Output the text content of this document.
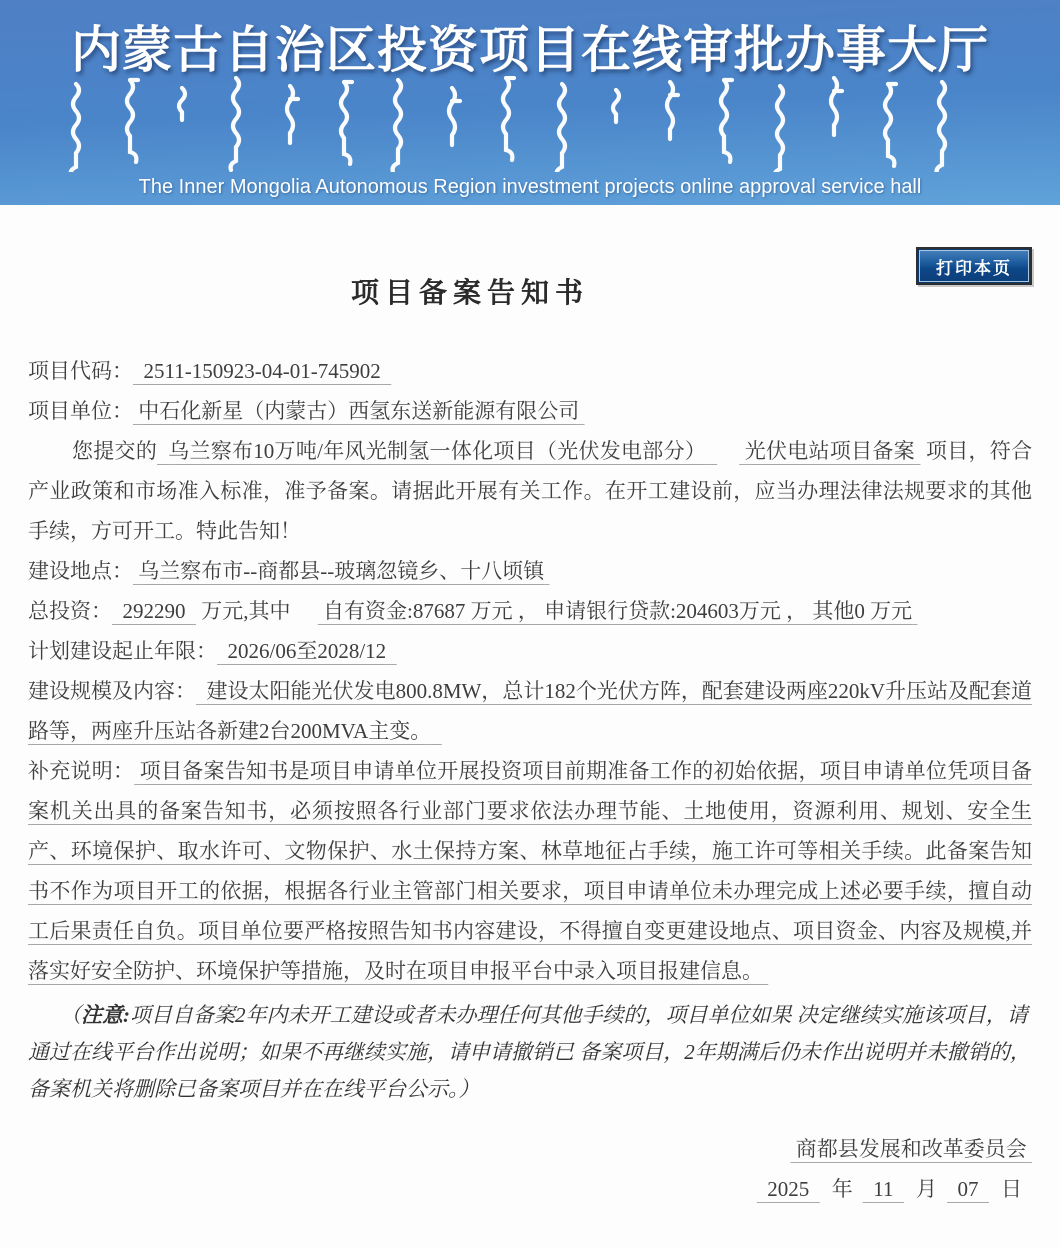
内蒙古自治区投资项目在线审批办事大厅
The Inner Mongolia Autonomous Region investment projects online approval service hall
打印本页
项目备案告知书

项目代码： 2511-150923-04-01-745902

项目单位： 中石化新星（内蒙古）西氢东送新能源有限公司

您提交的 乌兰察布10万吨/年风光制氢一体化项目（光伏发电部分） 光伏电站项目备案 项目，符合产业政策和市场准入标准，准予备案。请据此开展有关工作。在开工建设前，应当办理法律法规要求的其他手续，方可开工。特此告知！

建设地点： 乌兰察布市--商都县--玻璃忽镜乡、十八顷镇

总投资： 292290 万元,其中 自有资金:87687 万元 ， 申请银行贷款:204603万元 ， 其他0 万元

计划建设起止年限： 2026/06至2028/12

建设规模及内容： 建设太阳能光伏发电800.8MW，总计182个光伏方阵，配套建设两座220kV升压站及配套道路等，两座升压站各新建2台200MVA主变。

补充说明： 项目备案告知书是项目申请单位开展投资项目前期准备工作的初始依据，项目申请单位凭项目备案机关出具的备案告知书，必须按照各行业部门要求依法办理节能、土地使用，资源利用、规划、安全生产、环境保护、取水许可、文物保护、水土保持方案、林草地征占手续，施工许可等相关手续。此备案告知书不作为项目开工的依据，根据各行业主管部门相关要求，项目申请单位未办理完成上述必要手续，擅自动工后果责任自负。项目单位要严格按照告知书内容建设，不得擅自变更建设地点、项目资金、内容及规模,并落实好安全防护、环境保护等措施，及时在项目申报平台中录入项目报建信息。

（注意:项目自备案2年内未开工建设或者未办理任何其他手续的，项目单位如果 决定继续实施该项目，请通过在线平台作出说明；如果不再继续实施，请申请撤销已 备案项目，2年期满后仍未作出说明并未撤销的，备案机关将删除已备案项目并在在线平台公示。）

商都县发展和改革委员会

2025 年 11 月 07 日
